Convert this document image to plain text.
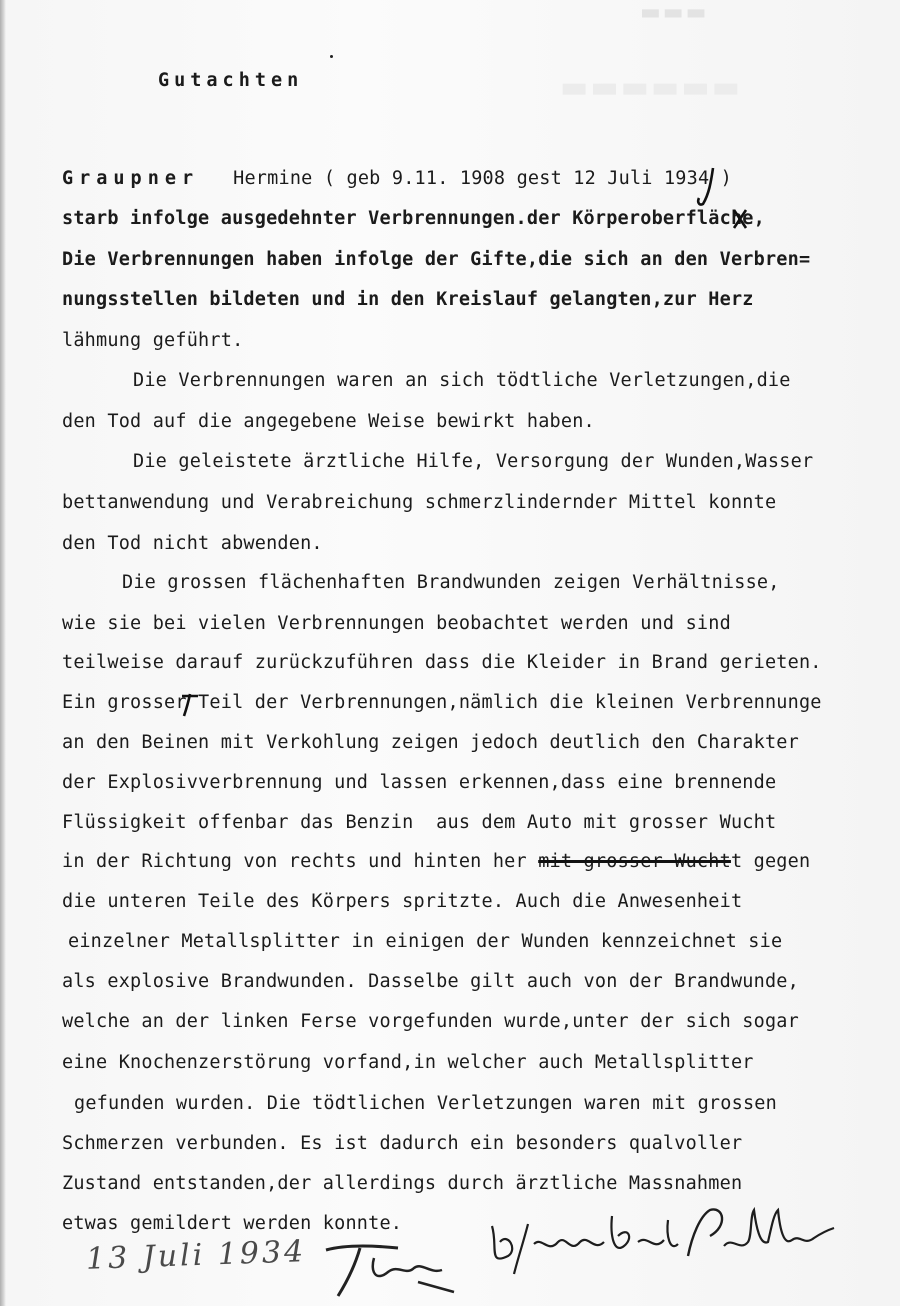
▬▬▬▬▬▬
▬▬▬
Gutachten
Graupner   Hermine ( geb 9.11. 1908 gest 12 Juli 1934 )
starb infolge ausgedehnter Verbrennungen.der Körperoberfläche,
Die Verbrennungen haben infolge der Gifte,die sich an den Verbren=
nungsstellen bildeten und in den Kreislauf gelangten,zur Herz
lähmung geführt.
Die Verbrennungen waren an sich tödtliche Verletzungen,die
den Tod auf die angegebene Weise bewirkt haben.
Die geleistete ärztliche Hilfe, Versorgung der Wunden,Wasser
bettanwendung und Verabreichung schmerzlindernder Mittel konnte
den Tod nicht abwenden.
Die grossen flächenhaften Brandwunden zeigen Verhältnisse,
wie sie bei vielen Verbrennungen beobachtet werden und sind
teilweise darauf zurückzuführen dass die Kleider in Brand gerieten.
Ein grosser Teil der Verbrennungen,nämlich die kleinen Verbrennunge
an den Beinen mit Verkohlung zeigen jedoch deutlich den Charakter
der Explosivverbrennung und lassen erkennen,dass eine brennende
Flüssigkeit offenbar das Benzin  aus dem Auto mit grosser Wucht
in der Richtung von rechts und hinten her mit grosser Wuchtt gegen
die unteren Teile des Körpers spritzte. Auch die Anwesenheit
einzelner Metallsplitter in einigen der Wunden kennzeichnet sie
als explosive Brandwunden. Dasselbe gilt auch von der Brandwunde,
welche an der linken Ferse vorgefunden wurde,unter der sich sogar
eine Knochenzerstörung vorfand,in welcher auch Metallsplitter
gefunden wurden. Die tödtlichen Verletzungen waren mit grossen
Schmerzen verbunden. Es ist dadurch ein besonders qualvoller
Zustand entstanden,der allerdings durch ärztliche Massnahmen
etwas gemildert werden konnte.
13 Juli 1934
